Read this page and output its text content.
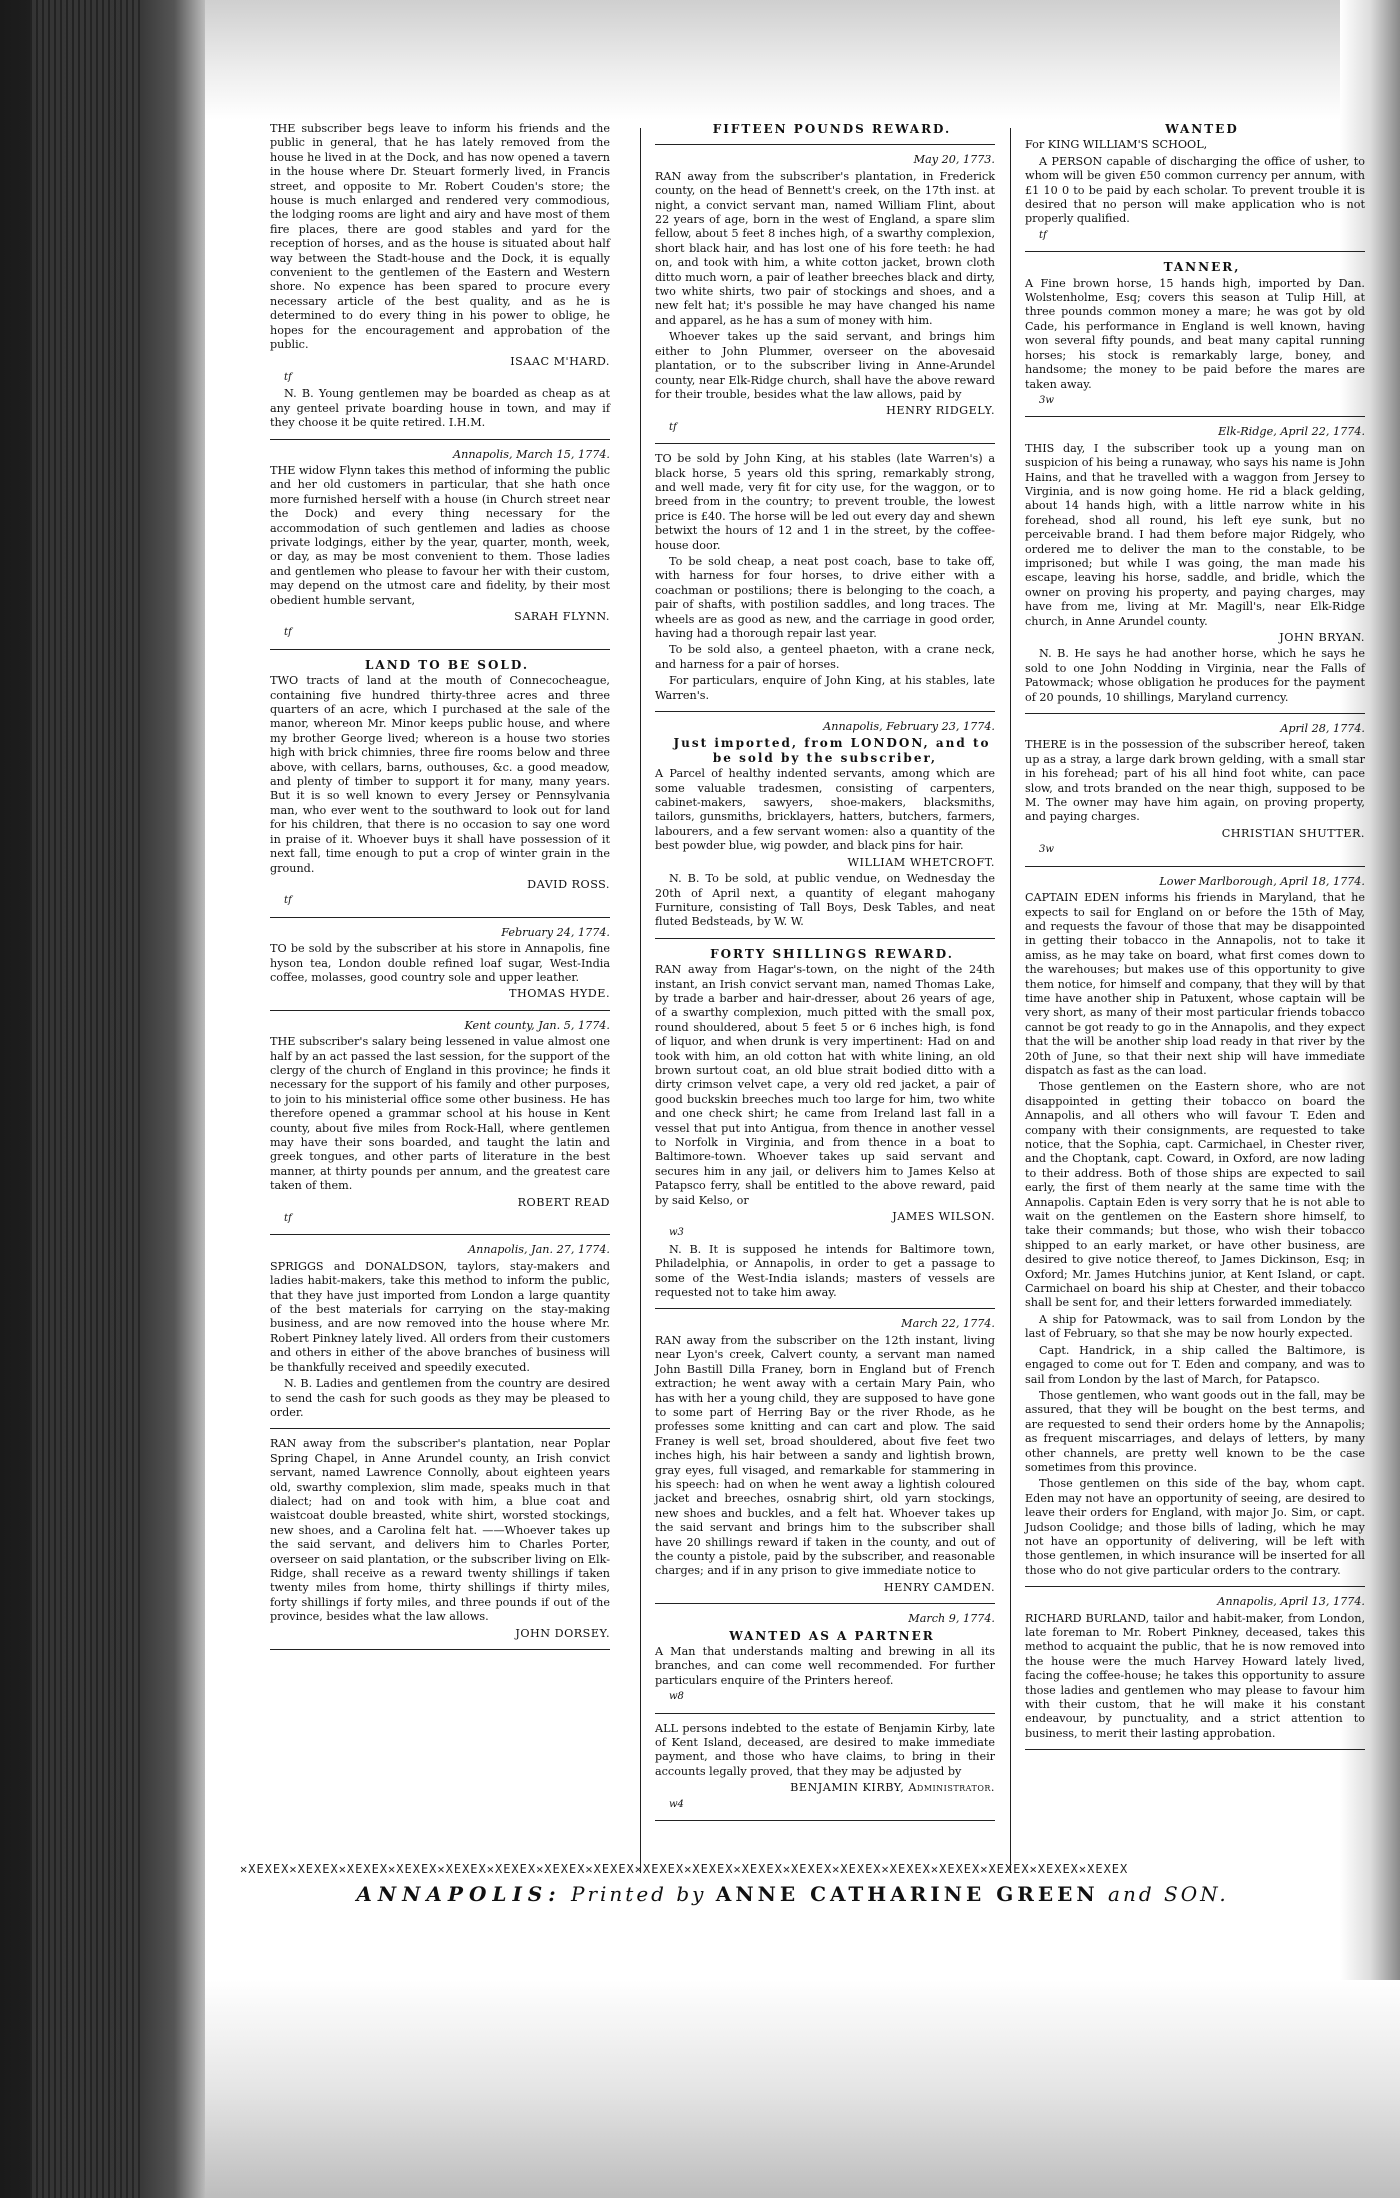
THE subscriber begs leave to inform his friends and the public in general, that he has lately removed from the house he lived in at the Dock, and has now opened a tavern in the house where Dr. Steuart formerly lived, in Francis street, and opposite to Mr. Robert Couden's store; the house is much enlarged and rendered very commodious, the lodging rooms are light and airy and have most of them fire places, there are good stables and yard for the reception of horses, and as the house is situated about half way between the Stadt-house and the Dock, it is equally convenient to the gentlemen of the Eastern and Western shore. No expence has been spared to procure every necessary article of the best quality, and as he is determined to do every thing in his power to oblige, he hopes for the encouragement and approbation of the public.

ISAAC M'HARD.

tf

N. B. Young gentlemen may be boarded as cheap as at any genteel private boarding house in town, and may if they choose it be quite retired. I.H.M.

Annapolis, March 15, 1774.

THE widow Flynn takes this method of informing the public and her old customers in particular, that she hath once more furnished herself with a house (in Church street near the Dock) and every thing necessary for the accommodation of such gentlemen and ladies as choose private lodgings, either by the year, quarter, month, week, or day, as may be most convenient to them. Those ladies and gentlemen who please to favour her with their custom, may depend on the utmost care and fidelity, by their most obedient humble servant,

SARAH FLYNN.

tf

LAND TO BE SOLD.

TWO tracts of land at the mouth of Connecocheague, containing five hundred thirty-three acres and three quarters of an acre, which I purchased at the sale of the manor, whereon Mr. Minor keeps public house, and where my brother George lived; whereon is a house two stories high with brick chimnies, three fire rooms below and three above, with cellars, barns, outhouses, &c. a good meadow, and plenty of timber to support it for many, many years. But it is so well known to every Jersey or Pennsylvania man, who ever went to the southward to look out for land for his children, that there is no occasion to say one word in praise of it. Whoever buys it shall have possession of it next fall, time enough to put a crop of winter grain in the ground.

DAVID ROSS.

tf

February 24, 1774.

TO be sold by the subscriber at his store in Annapolis, fine hyson tea, London double refined loaf sugar, West-India coffee, molasses, good country sole and upper leather.

THOMAS HYDE.

Kent county, Jan. 5, 1774.

THE subscriber's salary being lessened in value almost one half by an act passed the last session, for the support of the clergy of the church of England in this province; he finds it necessary for the support of his family and other purposes, to join to his ministerial office some other business. He has therefore opened a grammar school at his house in Kent county, about five miles from Rock-Hall, where gentlemen may have their sons boarded, and taught the latin and greek tongues, and other parts of literature in the best manner, at thirty pounds per annum, and the greatest care taken of them.

ROBERT READ

tf

Annapolis, Jan. 27, 1774.

SPRIGGS and DONALDSON, taylors, stay-makers and ladies habit-makers, take this method to inform the public, that they have just imported from London a large quantity of the best materials for carrying on the stay-making business, and are now removed into the house where Mr. Robert Pinkney lately lived. All orders from their customers and others in either of the above branches of business will be thankfully received and speedily executed.

N. B. Ladies and gentlemen from the country are desired to send the cash for such goods as they may be pleased to order.

RAN away from the subscriber's plantation, near Poplar Spring Chapel, in Anne Arundel county, an Irish convict servant, named Lawrence Connolly, about eighteen years old, swarthy complexion, slim made, speaks much in that dialect; had on and took with him, a blue coat and waistcoat double breasted, white shirt, worsted stockings, new shoes, and a Carolina felt hat. ——Whoever takes up the said servant, and delivers him to Charles Porter, overseer on said plantation, or the subscriber living on Elk-Ridge, shall receive as a reward twenty shillings if taken twenty miles from home, thirty shillings if thirty miles, forty shillings if forty miles, and three pounds if out of the province, besides what the law allows.

JOHN DORSEY.

FIFTEEN POUNDS REWARD.

May 20, 1773.

RAN away from the subscriber's plantation, in Frederick county, on the head of Bennett's creek, on the 17th inst. at night, a convict servant man, named William Flint, about 22 years of age, born in the west of England, a spare slim fellow, about 5 feet 8 inches high, of a swarthy complexion, short black hair, and has lost one of his fore teeth: he had on, and took with him, a white cotton jacket, brown cloth ditto much worn, a pair of leather breeches black and dirty, two white shirts, two pair of stockings and shoes, and a new felt hat; it's possible he may have changed his name and apparel, as he has a sum of money with him.

Whoever takes up the said servant, and brings him either to John Plummer, overseer on the abovesaid plantation, or to the subscriber living in Anne-Arundel county, near Elk-Ridge church, shall have the above reward for their trouble, besides what the law allows, paid by

HENRY RIDGELY.

tf

TO be sold by John King, at his stables (late Warren's) a black horse, 5 years old this spring, remarkably strong, and well made, very fit for city use, for the waggon, or to breed from in the country; to prevent trouble, the lowest price is £40. The horse will be led out every day and shewn betwixt the hours of 12 and 1 in the street, by the coffee-house door.

To be sold cheap, a neat post coach, base to take off, with harness for four horses, to drive either with a coachman or postilions; there is belonging to the coach, a pair of shafts, with postilion saddles, and long traces. The wheels are as good as new, and the carriage in good order, having had a thorough repair last year.

To be sold also, a genteel phaeton, with a crane neck, and harness for a pair of horses.

For particulars, enquire of John King, at his stables, late Warren's.

Annapolis, February 23, 1774.

Just imported, from LONDON, and to be sold by the subscriber,

A Parcel of healthy indented servants, among which are some valuable tradesmen, consisting of carpenters, cabinet-makers, sawyers, shoe-makers, blacksmiths, tailors, gunsmiths, bricklayers, hatters, butchers, farmers, labourers, and a few servant women: also a quantity of the best powder blue, wig powder, and black pins for hair.

WILLIAM WHETCROFT.

N. B. To be sold, at public vendue, on Wednesday the 20th of April next, a quantity of elegant mahogany Furniture, consisting of Tall Boys, Desk Tables, and neat fluted Bedsteads, by W. W.

FORTY SHILLINGS REWARD.

RAN away from Hagar's-town, on the night of the 24th instant, an Irish convict servant man, named Thomas Lake, by trade a barber and hair-dresser, about 26 years of age, of a swarthy complexion, much pitted with the small pox, round shouldered, about 5 feet 5 or 6 inches high, is fond of liquor, and when drunk is very impertinent: Had on and took with him, an old cotton hat with white lining, an old brown surtout coat, an old blue strait bodied ditto with a dirty crimson velvet cape, a very old red jacket, a pair of good buckskin breeches much too large for him, two white and one check shirt; he came from Ireland last fall in a vessel that put into Antigua, from thence in another vessel to Norfolk in Virginia, and from thence in a boat to Baltimore-town. Whoever takes up said servant and secures him in any jail, or delivers him to James Kelso at Patapsco ferry, shall be entitled to the above reward, paid by said Kelso, or

JAMES WILSON.

w3

N. B. It is supposed he intends for Baltimore town, Philadelphia, or Annapolis, in order to get a passage to some of the West-India islands; masters of vessels are requested not to take him away.

March 22, 1774.

RAN away from the subscriber on the 12th instant, living near Lyon's creek, Calvert county, a servant man named John Bastill Dilla Franey, born in England but of French extraction; he went away with a certain Mary Pain, who has with her a young child, they are supposed to have gone to some part of Herring Bay or the river Rhode, as he professes some knitting and can cart and plow. The said Franey is well set, broad shouldered, about five feet two inches high, his hair between a sandy and lightish brown, gray eyes, full visaged, and remarkable for stammering in his speech: had on when he went away a lightish coloured jacket and breeches, osnabrig shirt, old yarn stockings, new shoes and buckles, and a felt hat. Whoever takes up the said servant and brings him to the subscriber shall have 20 shillings reward if taken in the county, and out of the county a pistole, paid by the subscriber, and reasonable charges; and if in any prison to give immediate notice to

HENRY CAMDEN.

March 9, 1774.

WANTED AS A PARTNER

A Man that understands malting and brewing in all its branches, and can come well recommended. For further particulars enquire of the Printers hereof.

w8

ALL persons indebted to the estate of Benjamin Kirby, late of Kent Island, deceased, are desired to make immediate payment, and those who have claims, to bring in their accounts legally proved, that they may be adjusted by

BENJAMIN KIRBY, Administrator.

w4

WANTED

For KING WILLIAM'S SCHOOL,

A PERSON capable of discharging the office of usher, to whom will be given £50 common currency per annum, with £1 10 0 to be paid by each scholar. To prevent trouble it is desired that no person will make application who is not properly qualified.

tf

TANNER,

A Fine brown horse, 15 hands high, imported by Dan. Wolstenholme, Esq; covers this season at Tulip Hill, at three pounds common money a mare; he was got by old Cade, his performance in England is well known, having won several fifty pounds, and beat many capital running horses; his stock is remarkably large, boney, and handsome; the money to be paid before the mares are taken away.

3w

Elk-Ridge, April 22, 1774.

THIS day, I the subscriber took up a young man on suspicion of his being a runaway, who says his name is John Hains, and that he travelled with a waggon from Jersey to Virginia, and is now going home. He rid a black gelding, about 14 hands high, with a little narrow white in his forehead, shod all round, his left eye sunk, but no perceivable brand. I had them before major Ridgely, who ordered me to deliver the man to the constable, to be imprisoned; but while I was going, the man made his escape, leaving his horse, saddle, and bridle, which the owner on proving his property, and paying charges, may have from me, living at Mr. Magill's, near Elk-Ridge church, in Anne Arundel county.

JOHN BRYAN.

N. B. He says he had another horse, which he says he sold to one John Nodding in Virginia, near the Falls of Patowmack; whose obligation he produces for the payment of 20 pounds, 10 shillings, Maryland currency.

April 28, 1774.

THERE is in the possession of the subscriber hereof, taken up as a stray, a large dark brown gelding, with a small star in his forehead; part of his all hind foot white, can pace slow, and trots branded on the near thigh, supposed to be M. The owner may have him again, on proving property, and paying charges.

CHRISTIAN SHUTTER.

3w

Lower Marlborough, April 18, 1774.

CAPTAIN EDEN informs his friends in Maryland, that he expects to sail for England on or before the 15th of May, and requests the favour of those that may be disappointed in getting their tobacco in the Annapolis, not to take it amiss, as he may take on board, what first comes down to the warehouses; but makes use of this opportunity to give them notice, for himself and company, that they will by that time have another ship in Patuxent, whose captain will be very short, as many of their most particular friends tobacco cannot be got ready to go in the Annapolis, and they expect that the will be another ship load ready in that river by the 20th of June, so that their next ship will have immediate dispatch as fast as the can load.

Those gentlemen on the Eastern shore, who are not disappointed in getting their tobacco on board the Annapolis, and all others who will favour T. Eden and company with their consignments, are requested to take notice, that the Sophia, capt. Carmichael, in Chester river, and the Choptank, capt. Coward, in Oxford, are now lading to their address. Both of those ships are expected to sail early, the first of them nearly at the same time with the Annapolis. Captain Eden is very sorry that he is not able to wait on the gentlemen on the Eastern shore himself, to take their commands; but those, who wish their tobacco shipped to an early market, or have other business, are desired to give notice thereof, to James Dickinson, Esq; in Oxford; Mr. James Hutchins junior, at Kent Island, or capt. Carmichael on board his ship at Chester, and their tobacco shall be sent for, and their letters forwarded immediately.

A ship for Patowmack, was to sail from London by the last of February, so that she may be now hourly expected.

Capt. Handrick, in a ship called the Baltimore, is engaged to come out for T. Eden and company, and was to sail from London by the last of March, for Patapsco.

Those gentlemen, who want goods out in the fall, may be assured, that they will be bought on the best terms, and are requested to send their orders home by the Annapolis; as frequent miscarriages, and delays of letters, by many other channels, are pretty well known to be the case sometimes from this province.

Those gentlemen on this side of the bay, whom capt. Eden may not have an opportunity of seeing, are desired to leave their orders for England, with major Jo. Sim, or capt. Judson Coolidge; and those bills of lading, which he may not have an opportunity of delivering, will be left with those gentlemen, in which insurance will be inserted for all those who do not give particular orders to the contrary.

Annapolis, April 13, 1774.

RICHARD BURLAND, tailor and habit-maker, from London, late foreman to Mr. Robert Pinkney, deceased, takes this method to acquaint the public, that he is now removed into the house were the much Harvey Howard lately lived, facing the coffee-house; he takes this opportunity to assure those ladies and gentlemen who may please to favour him with their custom, that he will make it his constant endeavour, by punctuality, and a strict attention to business, to merit their lasting approbation.

✕XEXEX✕XEXEX✕XEXEX✕XEXEX✕XEXEX✕XEXEX✕XEXEX✕XEXEX✕XEXEX✕XEXEX✕XEXEX✕XEXEX✕XEXEX✕XEXEX✕XEXEX✕XEXEX✕XEXEX✕XEXEX
ANNAPOLIS: Printed by ANNE CATHARINE GREEN and SON.
